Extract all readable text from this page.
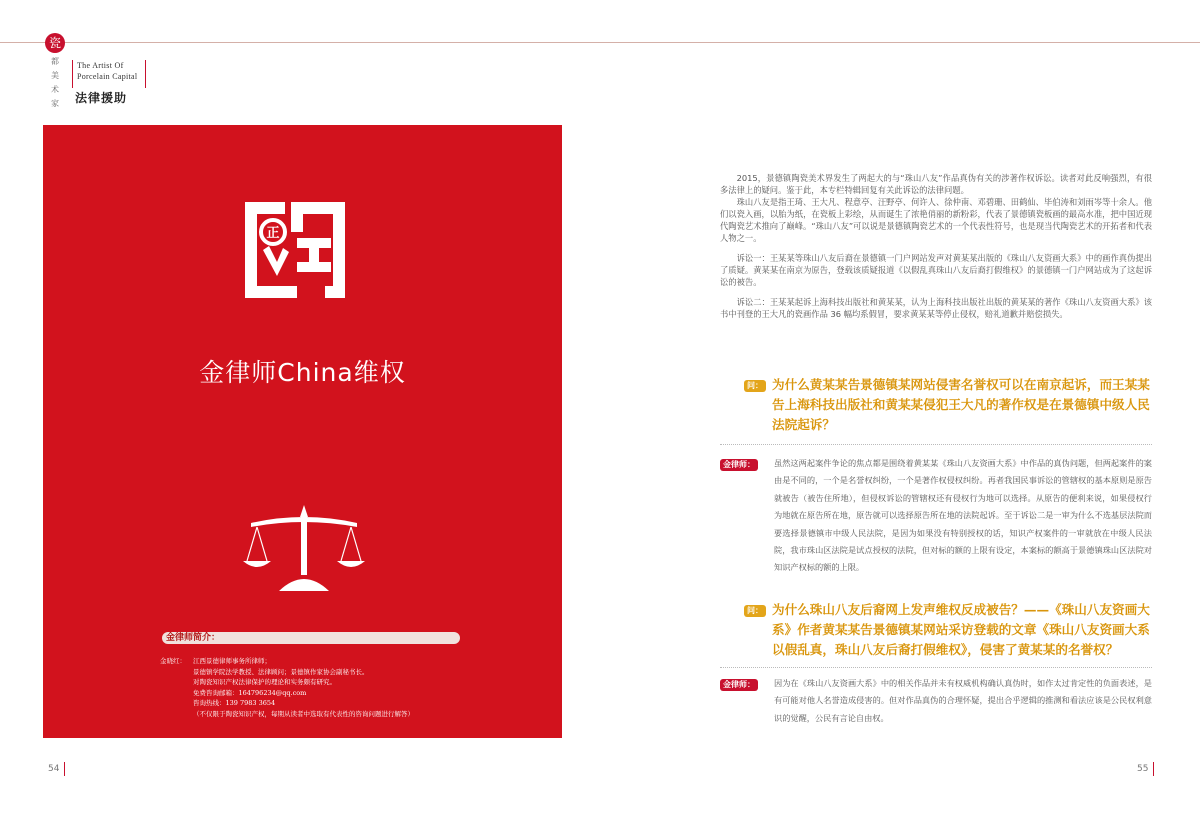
瓷
都
美
术
家
The Artist Of
Porcelain Capital
法律援助
正
金律师China维权
金律师简介：
金晓红：	江西景德律师事务所律师；
景德镇学院法学教授、法律顾问；景德镇作家协会副秘书长。
对陶瓷知识产权法律保护的理论和实务颇有研究。
免费咨询邮箱：1647962​34@qq.com
咨询热线：139 7983 3654
（不仅限于陶瓷知识产权，每期从读者中选取有代表性的咨询问题进行解答）
54

2015，景德镇陶瓷美术界发生了两起大的与“珠山八友”作品真伪有关的涉著作权诉讼。读者对此反响强烈，有很多法律上的疑问。鉴于此，本专栏特辑回复有关此诉讼的法律问题。

珠山八友是指王琦、王大凡、程意亭、汪野亭、何许人、徐仲南、邓碧珊、田鹤仙、毕伯涛和刘雨岑等十余人。他们以瓷入画，以胎为纸，在瓷板上彩绘，从而诞生了浓艳俏丽的新粉彩，代表了景德镇瓷板画的最高水准，把中国近现代陶瓷艺术推向了巅峰。“珠山八友”可以说是景德镇陶瓷艺术的一个代表性符号，也是现当代陶瓷艺术的开拓者和代表人物之一。

诉讼一：王某某等珠山八友后裔在景德镇一门户网站发声对黄某某出版的《珠山八友资画大系》中的画作真伪提出了质疑。黄某某在南京为原告，登载该质疑报道《以假乱真珠山八友后裔打假维权》的景德镇一门户网站成为了这起诉讼的被告。

诉讼二：王某某起诉上海科技出版社和黄某某，认为上海科技出版社出版的黄某某的著作《珠山八友资画大系》该书中刊登的王大凡的瓷画作品 36 幅均系假冒，要求黄某某等停止侵权，赔礼道歉并赔偿损失。

问： 为什么黄某某告景德镇某网站侵害名誉权可以在南京起诉，而王某某告上海科技出版社和黄某某侵犯王大凡的著作权是在景德镇中级人民法院起诉？
金律师：	虽然这两起案件争论的焦点都是围绕着黄某某《珠山八友资画大系》中作品的真伪问题，但两起案件的案由是不同的，一个是名誉权纠纷，一个是著作权侵权纠纷。再者我国民事诉讼的管辖权的基本原则是原告就被告（被告住所地），但侵权诉讼的管辖权还有侵权行为地可以选择。从原告的便利来说，如果侵权行为地就在原告所在地，原告就可以选择原告所在地的法院起诉。至于诉讼二是一审为什么不选基层法院而要选择景德镇市中级人民法院，是因为如果没有特别授权的话，知识产权案件的一审就放在中级人民法院，我市珠山区法院是试点授权的法院，但对标的额的上限有设定，本案标的额高于景德镇珠山区法院对知识产权标的额的上限。
问： 为什么珠山八友后裔网上发声维权反成被告？——《珠山八友资画大系》作者黄某某告景德镇某网站采访登载的文章《珠山八友资画大系以假乱真，珠山八友后裔打假维权》，侵害了黄某某的名誉权？
金律师：	因为在《珠山八友资画大系》中的相关作品并未有权威机构确认真伪时，如作太过肯定性的负面表述，是有可能对他人名誉造成侵害的。但对作品真伪的合理怀疑，提出合乎逻辑的推测和看法应该是公民权利意识的觉醒，公民有言论自由权。
55
